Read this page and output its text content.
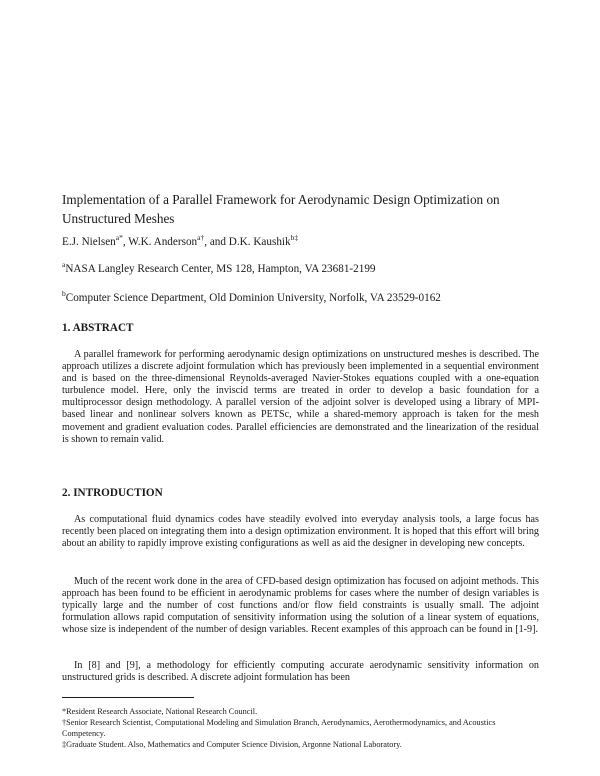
Implementation of a Parallel Framework for Aerodynamic Design Optimization on Unstructured Meshes
E.J. Nielsen$^{a*}$, W.K. Anderson$^{a\dagger}$, and D.K. Kaushik$^{b\ddagger}$
$^a$NASA Langley Research Center, MS 128, Hampton, VA 23681-2199
$^b$Computer Science Department, Old Dominion University, Norfolk, VA 23529-0162
1. ABSTRACT

A parallel framework for performing aerodynamic design optimizations on unstructured meshes is described. The approach utilizes a discrete adjoint formulation which has previously been implemented in a sequential environment and is based on the three-dimensional Reynolds-averaged Navier-Stokes equations coupled with a one-equation turbulence model. Here, only the inviscid terms are treated in order to develop a basic foundation for a multiprocessor design methodology. A parallel version of the adjoint solver is developed using a library of MPI-based linear and nonlinear solvers known as PETSc, while a shared-memory approach is taken for the mesh movement and gradient evaluation codes. Parallel efficiencies are demonstrated and the linearization of the residual is shown to remain valid.

2. INTRODUCTION

As computational fluid dynamics codes have steadily evolved into everyday analysis tools, a large focus has recently been placed on integrating them into a design optimization environment. It is hoped that this effort will bring about an ability to rapidly improve existing configurations as well as aid the designer in developing new concepts.

Much of the recent work done in the area of CFD-based design optimization has focused on adjoint methods. This approach has been found to be efficient in aerodynamic problems for cases where the number of design variables is typically large and the number of cost functions and/or flow field constraints is usually small. The adjoint formulation allows rapid computation of sensitivity information using the solution of a linear system of equations, whose size is independent of the number of design variables. Recent examples of this approach can be found in [1-9].

In [8] and [9], a methodology for efficiently computing accurate aerodynamic sensitivity information on unstructured grids is described. A discrete adjoint formulation has been

*Resident Research Associate, National Research Council.

†Senior Research Scientist, Computational Modeling and Simulation Branch, Aerodynamics, Aerothermodynamics, and Acoustics Competency.

‡Graduate Student. Also, Mathematics and Computer Science Division, Argonne National Laboratory.
